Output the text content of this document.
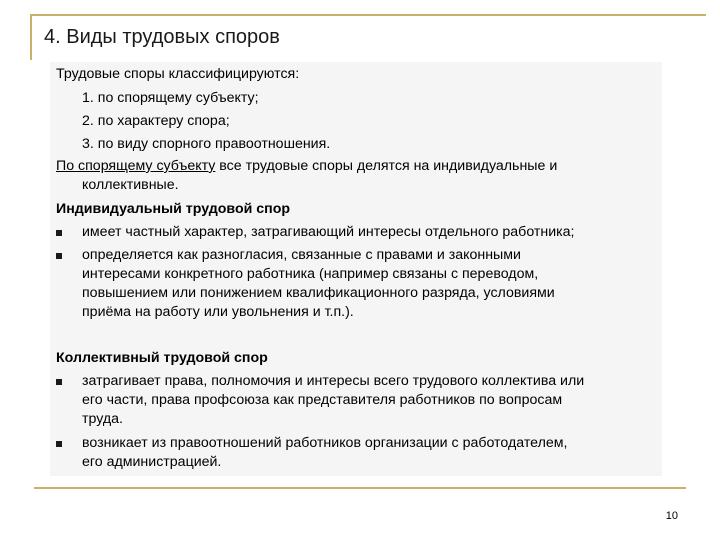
4. Виды трудовых споров
Трудовые споры классифицируются:
1. по спорящему субъекту;
2. по характеру спора;
3. по виду спорного правоотношения.
По спорящему субъекту все трудовые споры делятся на индивидуальные и
коллективные.
Индивидуальный трудовой спор
имеет частный характер, затрагивающий интересы отдельного работника;
определяется как разногласия, связанные с правами и законными
интересами конкретного работника (например связаны с переводом,
повышением или понижением квалификационного разряда, условиями
приёма на работу или увольнения и т.п.).
Коллективный трудовой спор
затрагивает права, полномочия и интересы всего трудового коллектива или
его части, права профсоюза как представителя работников по вопросам
труда.
возникает из правоотношений работников организации с работодателем,
его администрацией.
10
